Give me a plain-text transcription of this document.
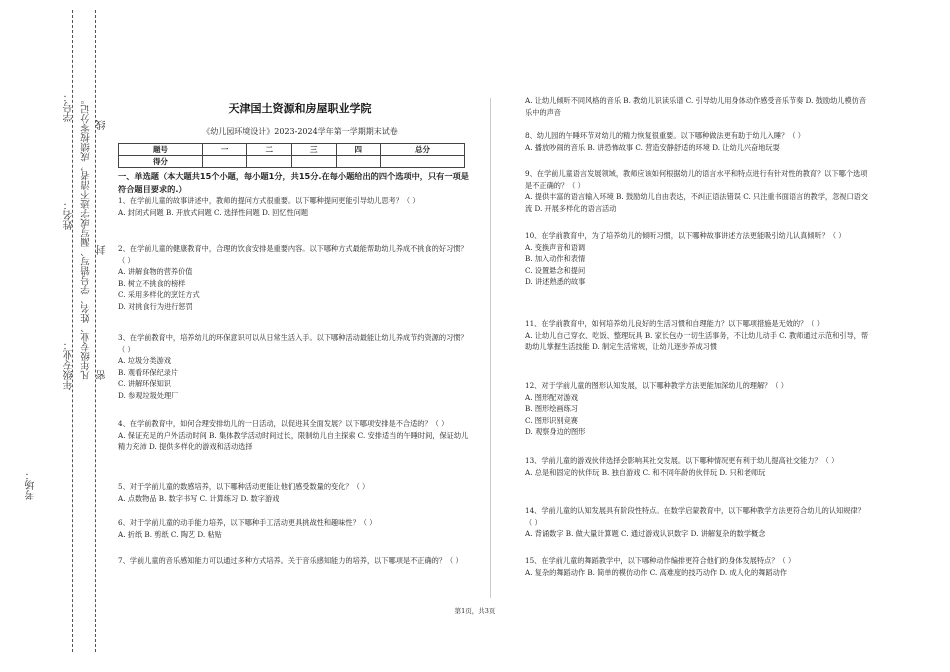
学号：
姓名：
年级专业：
考场：
凡年级专业、姓名、学号错写、漏写或字迹不清者，成绩按零分记。 密
封
线
天津国土资源和房屋职业学院
《幼儿园环境设计》2023-2024学年第一学期期末试卷
题号	一	二	三	四	总分
得分					
一、单选题（本大题共15个小题，每小题1分，共15分.在每小题给出的四个选项中，只有一项是符合题目要求的.）
1、在学前儿童的故事讲述中，教师的提问方式很重要。以下哪种提问更能引导幼儿思考？（ ）
A. 封闭式问题 B. 开放式问题 C. 选择性问题 D. 回忆性问题
2、在学前儿童的健康教育中，合理的饮食安排是重要内容。以下哪种方式最能帮助幼儿养成不挑食的好习惯？（ ）
A. 讲解食物的营养价值
B. 树立不挑食的榜样
C. 采用多样化的烹饪方式
D. 对挑食行为进行惩罚
3、在学前教育中，培养幼儿的环保意识可以从日常生活入手。以下哪种活动最能让幼儿养成节约资源的习惯？（ ）
A. 垃圾分类游戏
B. 观看环保纪录片
C. 讲解环保知识
D. 参观垃圾处理厂
4、在学前教育中，如何合理安排幼儿的一日活动，以促进其全面发展？以下哪项安排是不合适的？（ ）
A. 保证充足的户外活动时间 B. 集体教学活动时间过长，限制幼儿自主探索 C. 安排适当的午睡时间，保证幼儿精力充沛 D. 提供多样化的游戏和活动选择
5、对于学前儿童的数感培养，以下哪种活动更能让他们感受数量的变化？（ ）
A. 点数物品 B. 数字书写 C. 计算练习 D. 数字游戏
6、对于学前儿童的动手能力培养，以下哪种手工活动更具挑战性和趣味性？（ ）
A. 折纸 B. 剪纸 C. 陶艺 D. 粘贴
7、学前儿童的音乐感知能力可以通过多种方式培养。关于音乐感知能力的培养，以下哪项是不正确的？（ ）
A. 让幼儿倾听不同风格的音乐 B. 教幼儿识读乐谱 C. 引导幼儿用身体动作感受音乐节奏 D. 鼓励幼儿模仿音乐中的声音
8、幼儿园的午睡环节对幼儿的精力恢复很重要。以下哪种做法更有助于幼儿入睡？（ ）
A. 播放吵闹的音乐 B. 讲恐怖故事 C. 营造安静舒适的环境 D. 让幼儿兴奋地玩耍
9、在学前儿童语言发展领域，教师应该如何根据幼儿的语言水平和特点进行有针对性的教育？以下哪个选项是不正确的？（ ）
A. 提供丰富的语言输入环境 B. 鼓励幼儿自由表达，不纠正语法错误 C. 只注重书面语言的教学，忽视口语交流 D. 开展多样化的语言活动
10、在学前教育中，为了培养幼儿的倾听习惯，以下哪种故事讲述方法更能吸引幼儿认真倾听？（ ）
A. 变换声音和语调
B. 加入动作和表情
C. 设置悬念和提问
D. 讲述熟悉的故事
11、在学前教育中，如何培养幼儿良好的生活习惯和自理能力？以下哪项措施是无效的？（ ）
A. 让幼儿自己穿衣、吃饭、整理玩具 B. 家长包办一切生活事务，不让幼儿动手 C. 教师通过示范和引导，帮助幼儿掌握生活技能 D. 制定生活常规，让幼儿逐步养成习惯
12、对于学前儿童的图形认知发展，以下哪种教学方法更能加深幼儿的理解？（ ）
A. 图形配对游戏
B. 图形绘画练习
C. 图形识别竞赛
D. 观察身边的图形
13、学前儿童的游戏伙伴选择会影响其社交发展。以下哪种情况更有利于幼儿提高社交能力？（ ）
A. 总是和固定的伙伴玩 B. 独自游戏 C. 和不同年龄的伙伴玩 D. 只和老师玩
14、学前儿童的认知发展具有阶段性特点。在数学启蒙教育中，以下哪种教学方法更符合幼儿的认知规律？（ ）
A. 背诵数字 B. 做大量计算题 C. 通过游戏认识数字 D. 讲解复杂的数学概念
15、在学前儿童的舞蹈教学中，以下哪种动作编排更符合他们的身体发展特点？（ ）
A. 复杂的舞蹈动作 B. 简单的模仿动作 C. 高难度的技巧动作 D. 成人化的舞蹈动作
第1页，共3页
